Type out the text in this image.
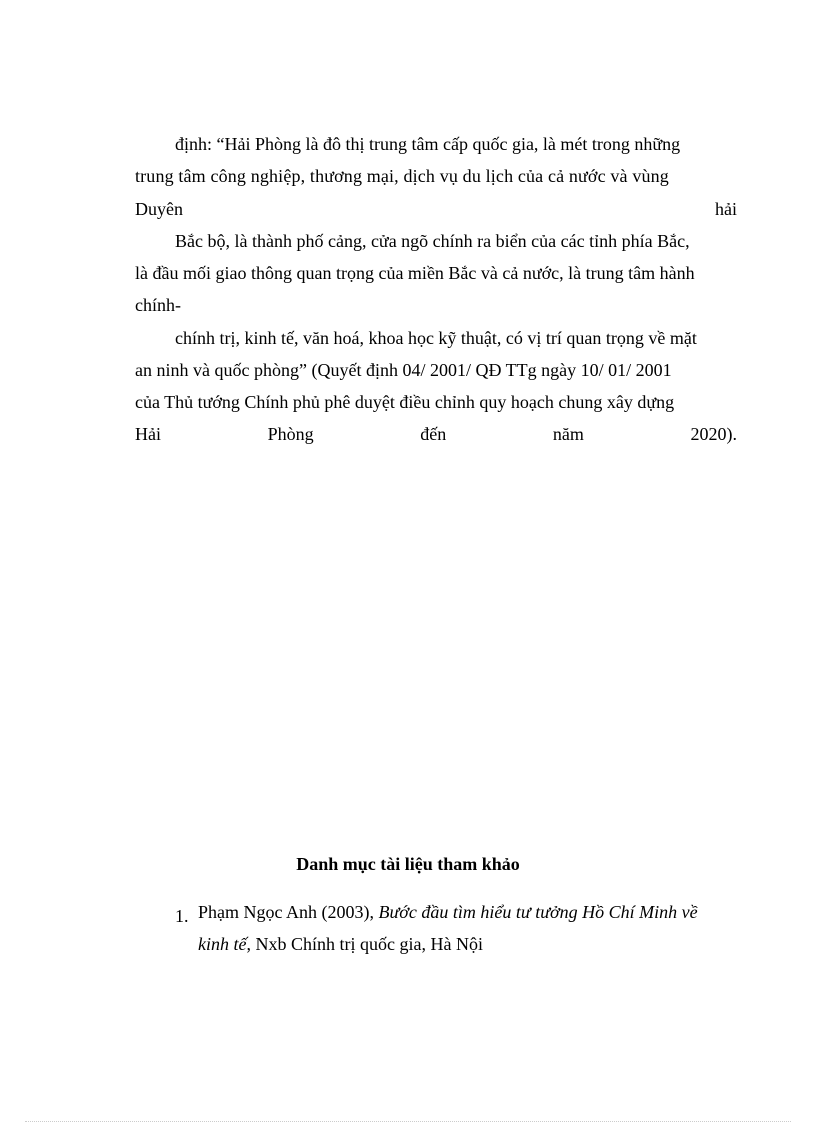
định: “Hải Phòng là đô thị trung tâm cấp quốc gia, là mét trong những
trung tâm công nghiệp, thương mại, dịch vụ du lịch của cả nước và vùng
Duyên	hải
Bắc bộ, là thành phố cảng, cửa ngõ chính ra biển của các tỉnh phía Bắc,
là đầu mối giao thông quan trọng của miền Bắc và cả nước, là trung tâm hành
chính-
chính trị, kinh tế, văn hoá, khoa học kỹ thuật, có vị trí quan trọng về mặt
an ninh và quốc phòng” (Quyết định 04/ 2001/ QĐ TTg ngày 10/ 01/ 2001
của Thủ tướng Chính phủ phê duyệt điều chỉnh quy hoạch chung xây dựng
Hải	Phòng	đến	năm	2020).
Danh mục tài liệu tham khảo
1. Phạm Ngọc Anh (2003), Bước đầu tìm hiểu tư tưởng Hồ Chí Minh về
kinh tế, Nxb Chính trị quốc gia, Hà Nội
